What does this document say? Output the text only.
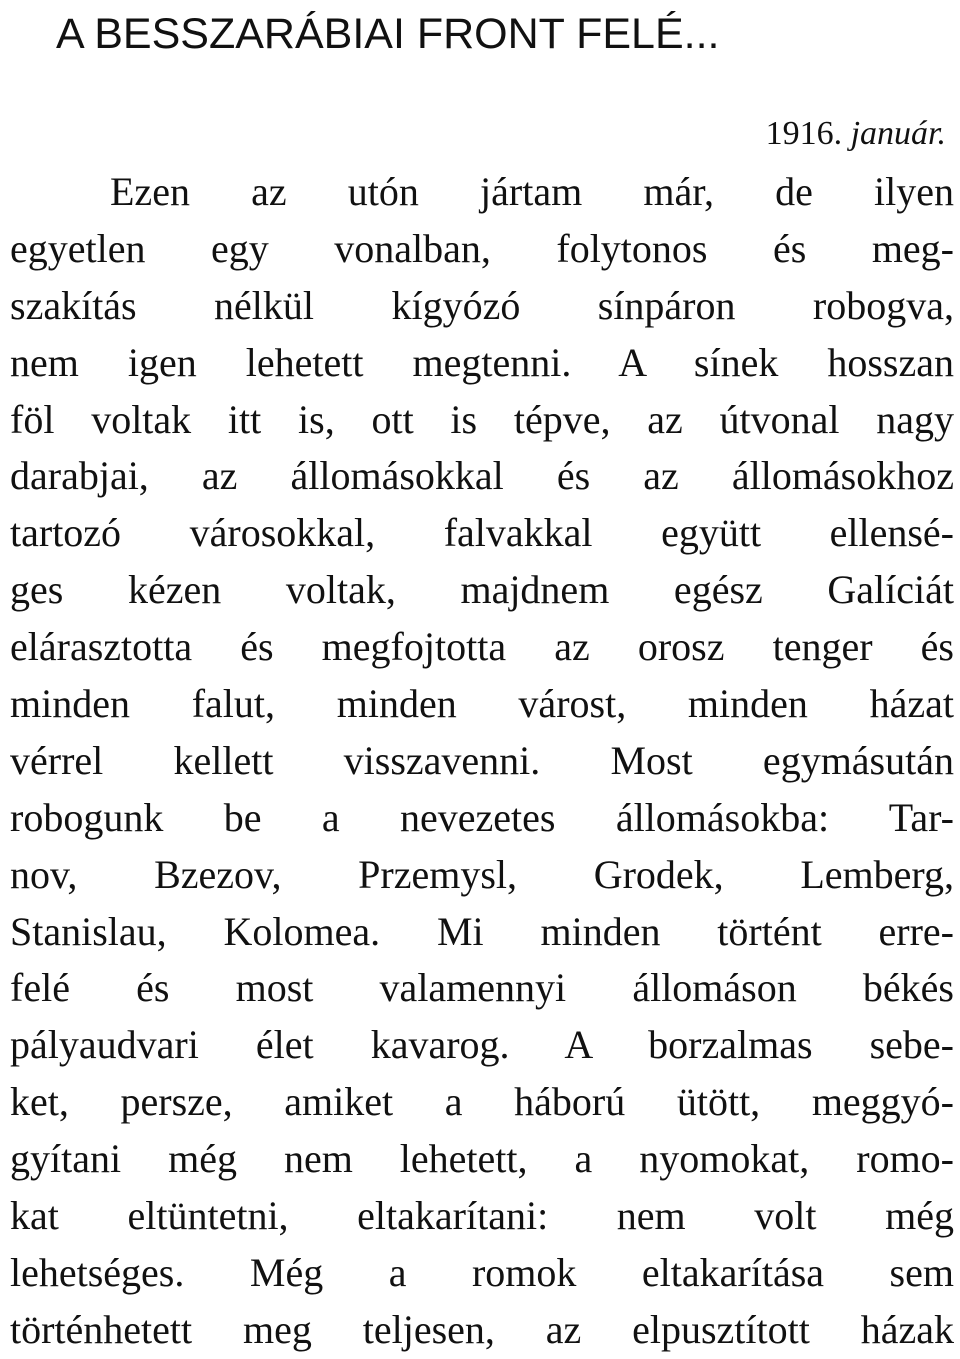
A BESSZARÁBIAI FRONT FELÉ...
1916. január.
Ezen az utón jártam már, de ilyen
egyetlen egy vonalban, folytonos és meg-
szakítás nélkül kígyózó sínpáron robogva,
nem igen lehetett megtenni. A sínek hosszan
föl voltak itt is, ott is tépve, az útvonal nagy
darabjai, az állomásokkal és az állomásokhoz
tartozó városokkal, falvakkal együtt ellensé-
ges kézen voltak, majdnem egész Galíciát
elárasztotta és megfojtotta az orosz tenger és
minden falut, minden várost, minden házat
vérrel kellett visszavenni. Most egymásután
robogunk be a nevezetes állomásokba: Tar-
nov, Bzezov, Przemysl, Grodek, Lemberg,
Stanislau, Kolomea. Mi minden történt erre-
felé és most valamennyi állomáson békés
pályaudvari élet kavarog. A borzalmas sebe-
ket, persze, amiket a háború ütött, meggyó-
gyítani még nem lehetett, a nyomokat, romo-
kat eltüntetni, eltakarítani: nem volt még
lehetséges. Még a romok eltakarítása sem
történhetett meg teljesen, az elpusztított házak
